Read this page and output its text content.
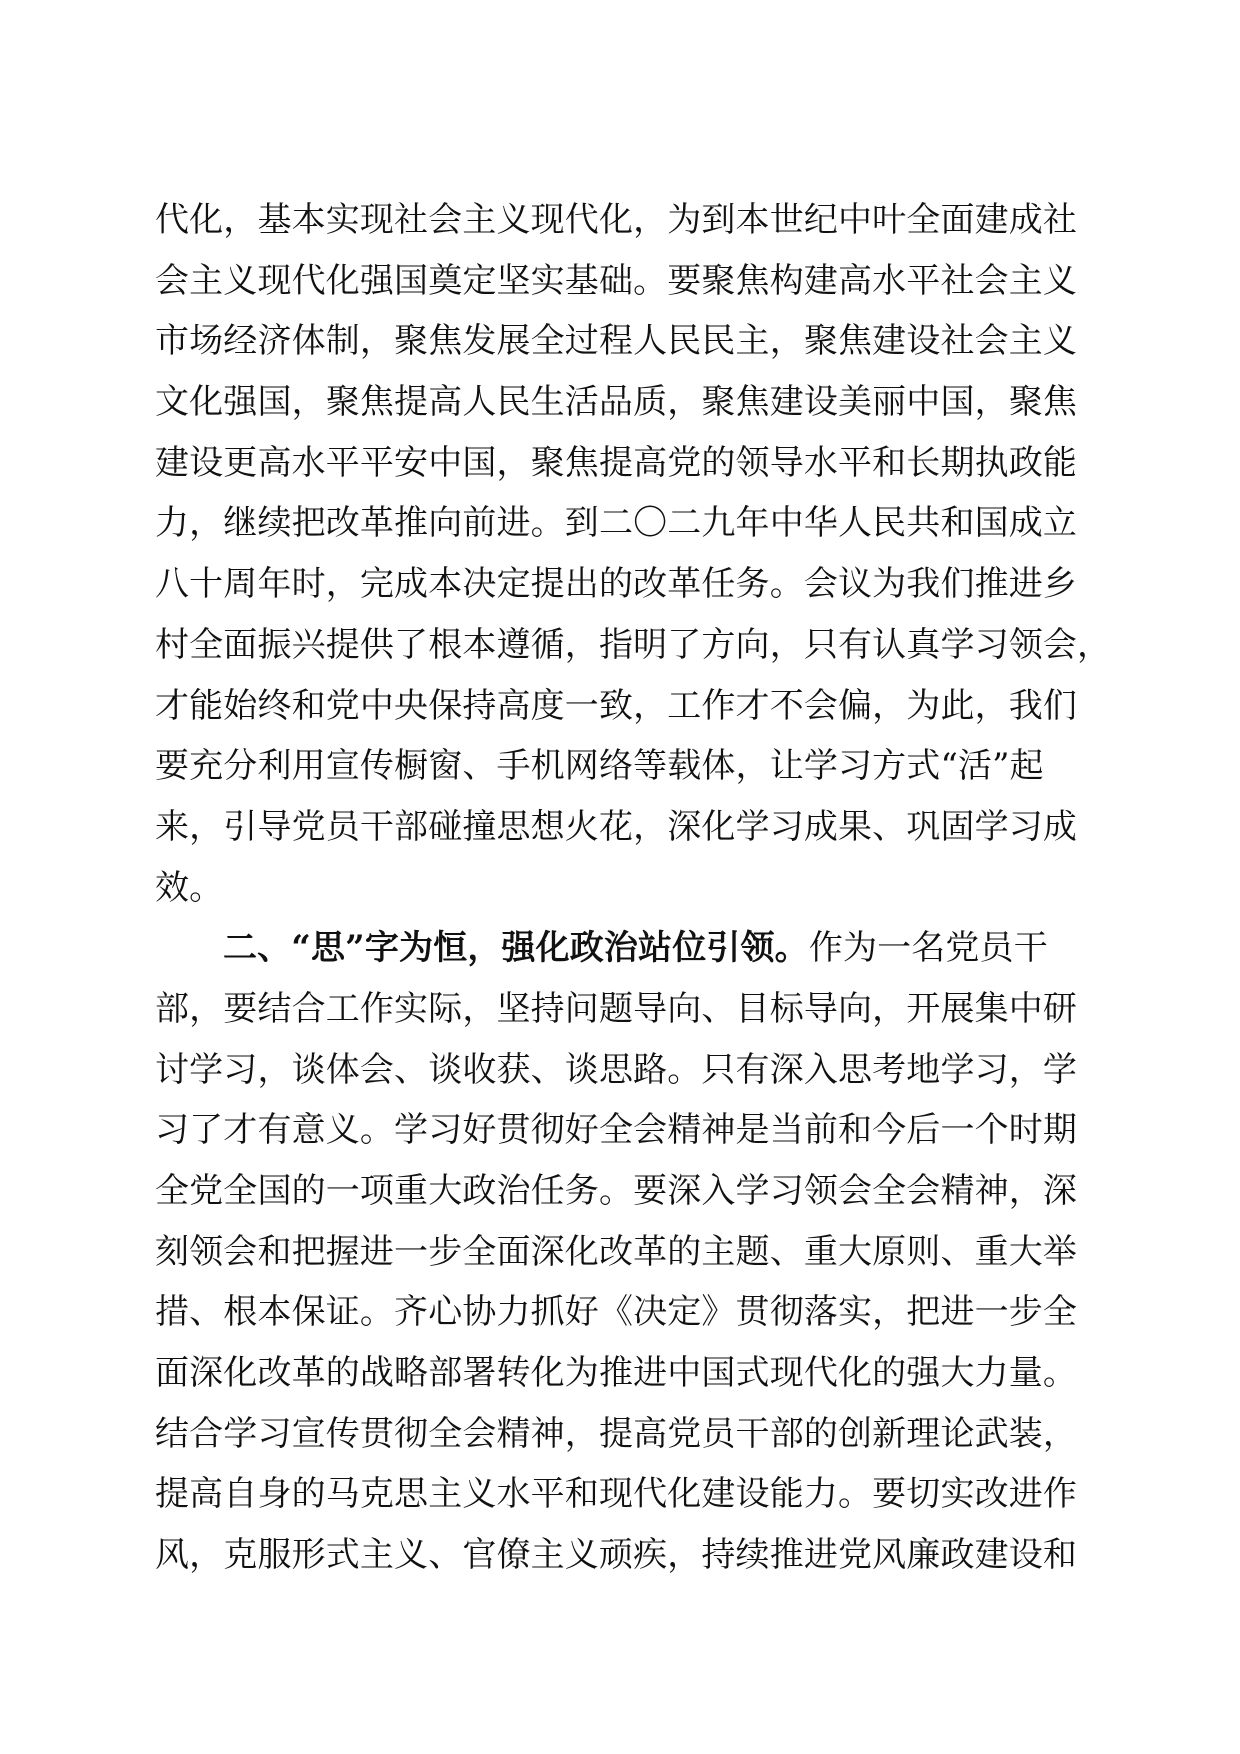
代化，基本实现社会主义现代化，为到本世纪中叶全面建成社
会主义现代化强国奠定坚实基础。要聚焦构建高水平社会主义
市场经济体制，聚焦发展全过程人民民主，聚焦建设社会主义
文化强国，聚焦提高人民生活品质，聚焦建设美丽中国，聚焦
建设更高水平平安中国，聚焦提高党的领导水平和长期执政能
力，继续把改革推向前进。到二〇二九年中华人民共和国成立
八十周年时，完成本决定提出的改革任务。会议为我们推进乡
村全面振兴提供了根本遵循，指明了方向，只有认真学习领会，
才能始终和党中央保持高度一致，工作才不会偏，为此，我们
要充分利用宣传橱窗、手机网络等载体，让学习方式“活”起
来，引导党员干部碰撞思想火花，深化学习成果、巩固学习成
效。
二、“思”字为恒，强化政治站位引领。作为一名党员干
部，要结合工作实际，坚持问题导向、目标导向，开展集中研
讨学习，谈体会、谈收获、谈思路。只有深入思考地学习，学
习了才有意义。学习好贯彻好全会精神是当前和今后一个时期
全党全国的一项重大政治任务。要深入学习领会全会精神，深
刻领会和把握进一步全面深化改革的主题、重大原则、重大举
措、根本保证。齐心协力抓好《决定》贯彻落实，把进一步全
面深化改革的战略部署转化为推进中国式现代化的强大力量。
结合学习宣传贯彻全会精神，提高党员干部的创新理论武装，
提高自身的马克思主义水平和现代化建设能力。要切实改进作
风，克服形式主义、官僚主义顽疾，持续推进党风廉政建设和
